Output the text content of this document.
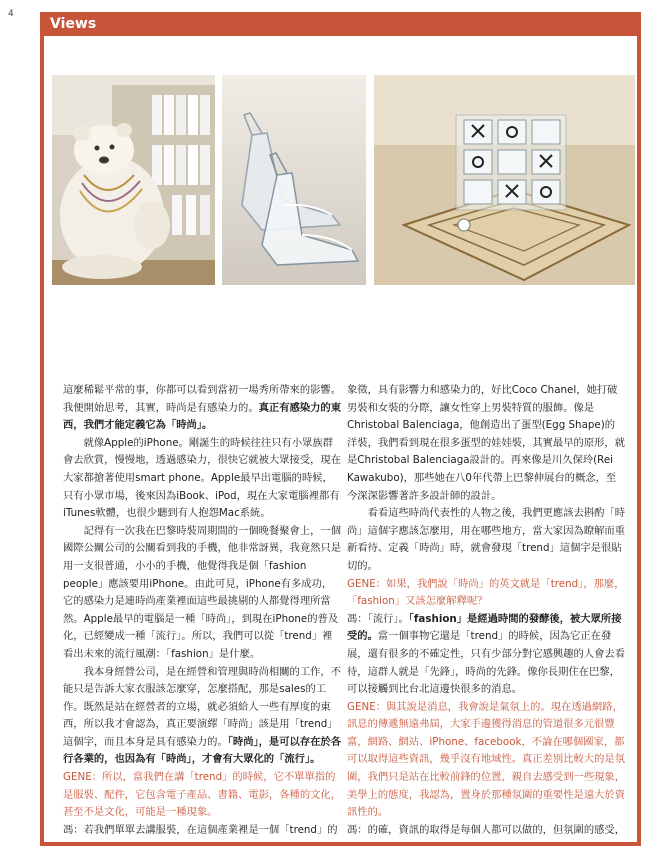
4
Views

這麼稀鬆平常的事，你都可以看到當初一場秀所帶來的影響。我便開始思考，其實，時尚是有感染力的。真正有感染力的東西，我們才能定義它為「時尚」。

就像Apple的iPhone。剛誕生的時候往往只有小眾族群會去欣賞，慢慢地，透過感染力，很快它就被大眾接受，現在大家都搶著使用smart phone。Apple最早出電腦的時候，只有小眾市場，後來因為iBook、iPod，現在大家電腦裡都有iTunes軟體，也很少聽到有人抱怨Mac系統。

記得有一次我在巴黎時裝周期間的一個晚餐聚會上，一個國際公關公司的公關看到我的手機，他非常訝異，我竟然只是用一支很普通，小小的手機，他覺得我是個「fashion people」應該要用iPhone。由此可見，iPhone有多成功，它的感染力是連時尚產業裡面這些最挑剔的人都覺得理所當然。Apple最早的電腦是一種「時尚」，到現在iPhone的普及化，已經變成一種「流行」。所以，我們可以從「trend」裡看出未來的流行風潮：「fashion」是什麼。

我本身經營公司，是在經營和管理與時尚相關的工作，不能只是告訴大家衣服該怎麼穿，怎麼搭配，那是sales的工作。既然是站在經營者的立場，就必須給人一些有厚度的東西，所以我才會認為，真正要演繹「時尚」該是用「trend」這個字，而且本身是具有感染力的。「時尚」，是可以存在於各行各業的，也因為有「時尚」，才會有大眾化的「流行」。

GENE：所以，當我們在講「trend」的時候，它不單單指的是服裝、配件，它包含電子產品、書籍、電影，各種的文化，甚至不是文化，可能是一種現象。

馮：若我們單單去講服裝，在這個產業裡是一個「trend」的

象徵，具有影響力和感染力的，好比Coco Chanel，她打破男裝和女裝的分際，讓女性穿上男裝特質的服飾。像是Christobal Balenciaga，他創造出了蛋型(Egg Shape)的洋裝，我們看到現在很多蛋型的娃娃裝，其實最早的原形，就是Christobal Balenciaga設計的。再來像是川久保玲(Rei Kawakubo)，那些她在八0年代帶上巴黎伸展台的概念，至今深深影響著許多設計師的設計。

看看這些時尚代表性的人物之後，我們更應該去斟酌「時尚」這個字應該怎麼用，用在哪些地方，當大家因為瞭解而重新看待、定義「時尚」時，就會發現「trend」這個字是很貼切的。

GENE：如果，我們說「時尚」的英文就是「trend」，那麼，「fashion」又該怎麼解釋呢？

馮：「流行」。「fashion」是經過時間的發酵後，被大眾所接受的。當一個事物它還是「trend」的時候，因為它正在發展，還有很多的不確定性，只有少部分對它感興趣的人會去看待，這群人就是「先鋒」，時尚的先鋒。像你長期住在巴黎，可以接觸到比台北這邊快很多的消息。

GENE：與其說是消息，我會說是氣氛上的。現在透過網路，訊息的傳遞無遠弗屆，大家手邊獲得消息的管道很多元很豐富，網路、網站、iPhone、facebook，不論在哪個國家，都可以取得這些資訊，幾乎沒有地域性。真正差別比較大的是氛圍，我們只是站在比較前鋒的位置，親自去感受到一些現象，美學上的態度，我認為，置身於那種氛圍的重要性是遠大於資訊性的。

馮：的確，資訊的取得是每個人都可以做的，但氛圍的感受，
